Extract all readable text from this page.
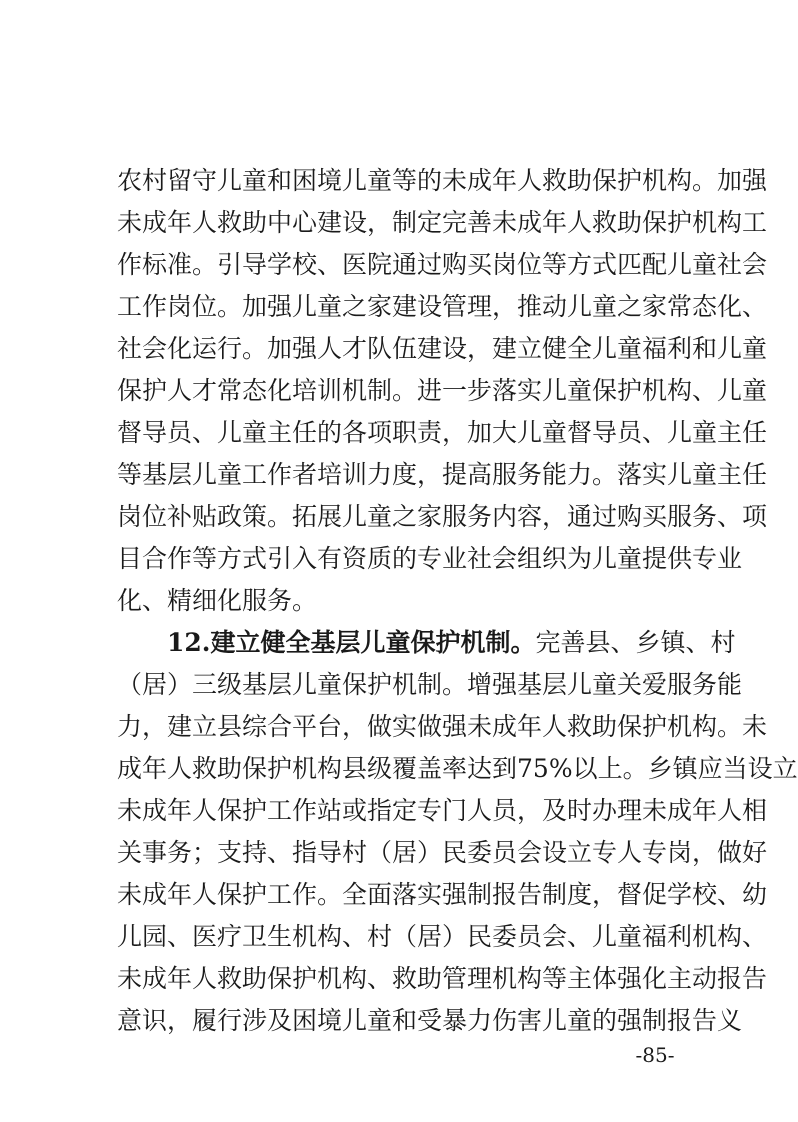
农村留守儿童和困境儿童等的未成年人救助保护机构。加强
未成年人救助中心建设，制定完善未成年人救助保护机构工
作标准。引导学校、医院通过购买岗位等方式匹配儿童社会
工作岗位。加强儿童之家建设管理，推动儿童之家常态化、
社会化运行。加强人才队伍建设，建立健全儿童福利和儿童
保护人才常态化培训机制。进一步落实儿童保护机构、儿童
督导员、儿童主任的各项职责，加大儿童督导员、儿童主任
等基层儿童工作者培训力度，提高服务能力。落实儿童主任
岗位补贴政策。拓展儿童之家服务内容，通过购买服务、项
目合作等方式引入有资质的专业社会组织为儿童提供专业
化、精细化服务。
12.建立健全基层儿童保护机制。完善县、乡镇、村
（居）三级基层儿童保护机制。增强基层儿童关爱服务能
力，建立县综合平台，做实做强未成年人救助保护机构。未
成年人救助保护机构县级覆盖率达到75%以上。乡镇应当设立
未成年人保护工作站或指定专门人员，及时办理未成年人相
关事务；支持、指导村（居）民委员会设立专人专岗，做好
未成年人保护工作。全面落实强制报告制度，督促学校、幼
儿园、医疗卫生机构、村（居）民委员会、儿童福利机构、
未成年人救助保护机构、救助管理机构等主体强化主动报告
意识，履行涉及困境儿童和受暴力伤害儿童的强制报告义
-85-
